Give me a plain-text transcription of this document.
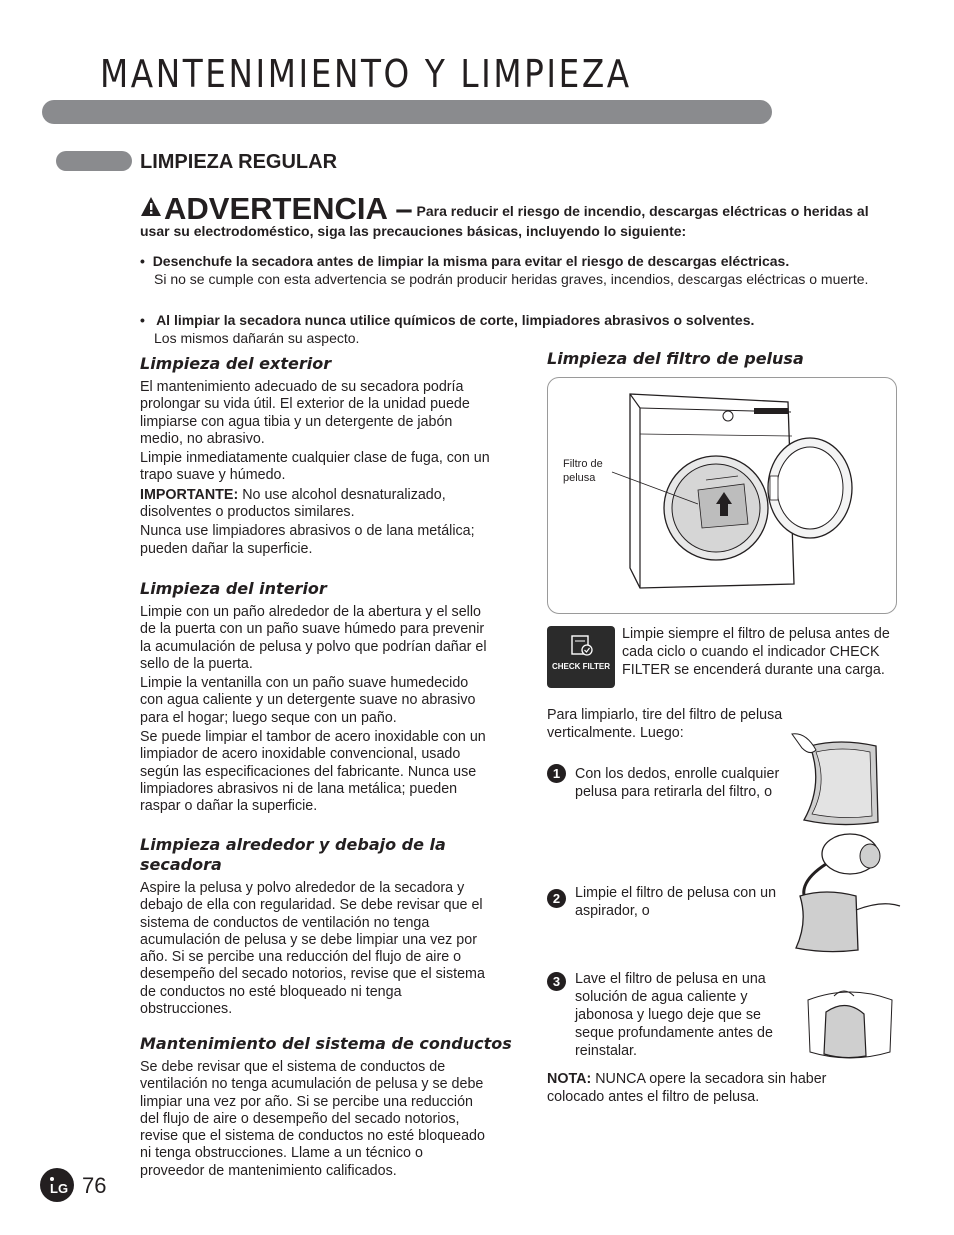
MANTENIMIENTO Y LIMPIEZA
LIMPIEZA REGULAR
ADVERTENCIA – Para reducir el riesgo de incendio, descargas eléctricas o heridas al usar su electrodoméstico, siga las precauciones básicas, incluyendo lo siguiente:
•  Desenchufe la secadora antes de limpiar la misma para evitar el riesgo de descargas eléctricas.
Si no se cumple con esta advertencia se podrán producir heridas graves, incendios, descargas eléctricas o muerte.
•   Al limpiar la secadora nunca utilice químicos de corte, limpiadores abrasivos o solventes.
Los mismos dañarán su aspecto.
Limpieza del exterior

El mantenimiento adecuado de su secadora podría prolongar su vida útil. El exterior de la unidad puede limpiarse con agua tibia y un detergente de jabón medio, no abrasivo.

Limpie inmediatamente cualquier clase de fuga, con un trapo suave y húmedo.

IMPORTANTE: No use alcohol desnaturalizado, disolventes o productos similares.

Nunca use limpiadores abrasivos o de lana metálica; pueden dañar la superficie.

Limpieza del interior

Limpie con un paño alrededor de la abertura y el sello de la puerta con un paño suave húmedo para prevenir la acumulación de pelusa y polvo que podrían dañar el sello de la puerta.

Limpie la ventanilla con un paño suave humedecido con agua caliente y un detergente suave no abrasivo para el hogar; luego seque con un paño.

Se puede limpiar el tambor de acero inoxidable con un limpiador de acero inoxidable convencional, usado según las especificaciones del fabricante. Nunca use limpiadores abrasivos ni de lana metálica; pueden raspar o dañar la superficie.

Limpieza alrededor y debajo de la secadora

Aspire la pelusa y polvo alrededor de la secadora y debajo de ella con regularidad. Se debe revisar que el sistema de conductos de ventilación no tenga acumulación de pelusa y se debe limpiar una vez por año. Si se percibe una reducción del flujo de aire o desempeño del secado notorios, revise que el sistema de conductos no esté bloqueado ni tenga obstrucciones.

Mantenimiento del sistema de conductos

Se debe revisar que el sistema de conductos de ventilación no tenga acumulación de pelusa y se debe limpiar una vez por año. Si se percibe una reducción del flujo de aire o desempeño del secado notorios, revise que el sistema de conductos no esté bloqueado ni tenga obstrucciones. Llame a un técnico o proveedor de mantenimiento calificados.

Limpieza del filtro de pelusa
Filtro de pelusa
CHECK FILTER
Limpie siempre el filtro de pelusa antes de cada ciclo o cuando el indicador CHECK FILTER se encenderá durante una carga.
Para limpiarlo, tire del filtro de pelusa verticalmente. Luego:
1	Con los dedos, enrolle cualquier pelusa para retirarla del filtro, o
2	Limpie el filtro de pelusa con un aspirador, o
3	Lave el filtro de pelusa en una solución de agua caliente y jabonosa y luego deje que se seque profundamente antes de reinstalar.
NOTA: NUNCA opere la secadora sin haber colocado antes el filtro de pelusa.
LG 76
